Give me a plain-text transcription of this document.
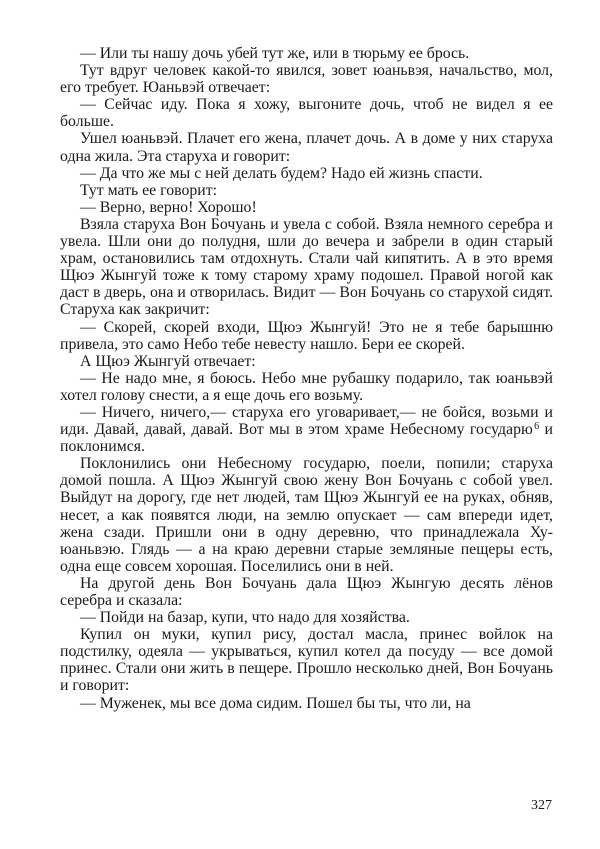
— Или ты нашу дочь убей тут же, или в тюрьму ее брось.

Тут вдруг человек какой-то явился, зовет юаньвэя, начальство, мол, его требует. Юаньвэй отвечает:

— Сейчас иду. Пока я хожу, выгоните дочь, чтоб не видел я ее больше.

Ушел юаньвэй. Плачет его жена, плачет дочь. А в доме у них старуха одна жила. Эта старуха и говорит:

— Да что же мы с ней делать будем? Надо ей жизнь спасти.

Тут мать ее говорит:

— Верно, верно! Хорошо!

Взяла старуха Вон Бочуань и увела с собой. Взяла немного серебра и увела. Шли они до полудня, шли до вечера и забрели в один старый храм, остановились там отдохнуть. Стали чай кипятить. А в это время Щюэ Жынгуй тоже к тому старому храму подошел. Правой ногой как даст в дверь, она и отворилась. Видит — Вон Бочуань со старухой сидят. Старуха как закричит:

— Скорей, скорей входи, Щюэ Жынгуй! Это не я тебе барышню привела, это само Небо тебе невесту нашло. Бери ее скорей.

А Щюэ Жынгуй отвечает:

— Не надо мне, я боюсь. Небо мне рубашку подарило, так юаньвэй хотел голову снести, а я еще дочь его возьму.

— Ничего, ничего,— старуха его уговаривает,— не бойся, возьми и иди. Давай, давай, давай. Вот мы в этом храме Небесному государю $^6$ и поклонимся.

Поклонились они Небесному государю, поели, попили; старуха домой пошла. А Щюэ Жынгуй свою жену Вон Бочуань с собой увел. Выйдут на дорогу, где нет людей, там Щюэ Жынгуй ее на руках, обняв, несет, а как появятся люди, на землю опускает — сам впереди идет, жена сзади. Пришли они в одну деревню, что принадлежала Ху-юаньвэю. Глядь — а на краю деревни старые земляные пещеры есть, одна еще совсем хорошая. Поселились они в ней.

На другой день Вон Бочуань дала Щюэ Жынгую десять лёнов серебра и сказала:

— Пойди на базар, купи, что надо для хозяйства.

Купил он муки, купил рису, достал масла, принес войлок на подстилку, одеяла — укрываться, купил котел да посуду — все домой принес. Стали они жить в пещере. Прошло несколько дней, Вон Бочуань и говорит:

— Муженек, мы все дома сидим. Пошел бы ты, что ли, на

327
